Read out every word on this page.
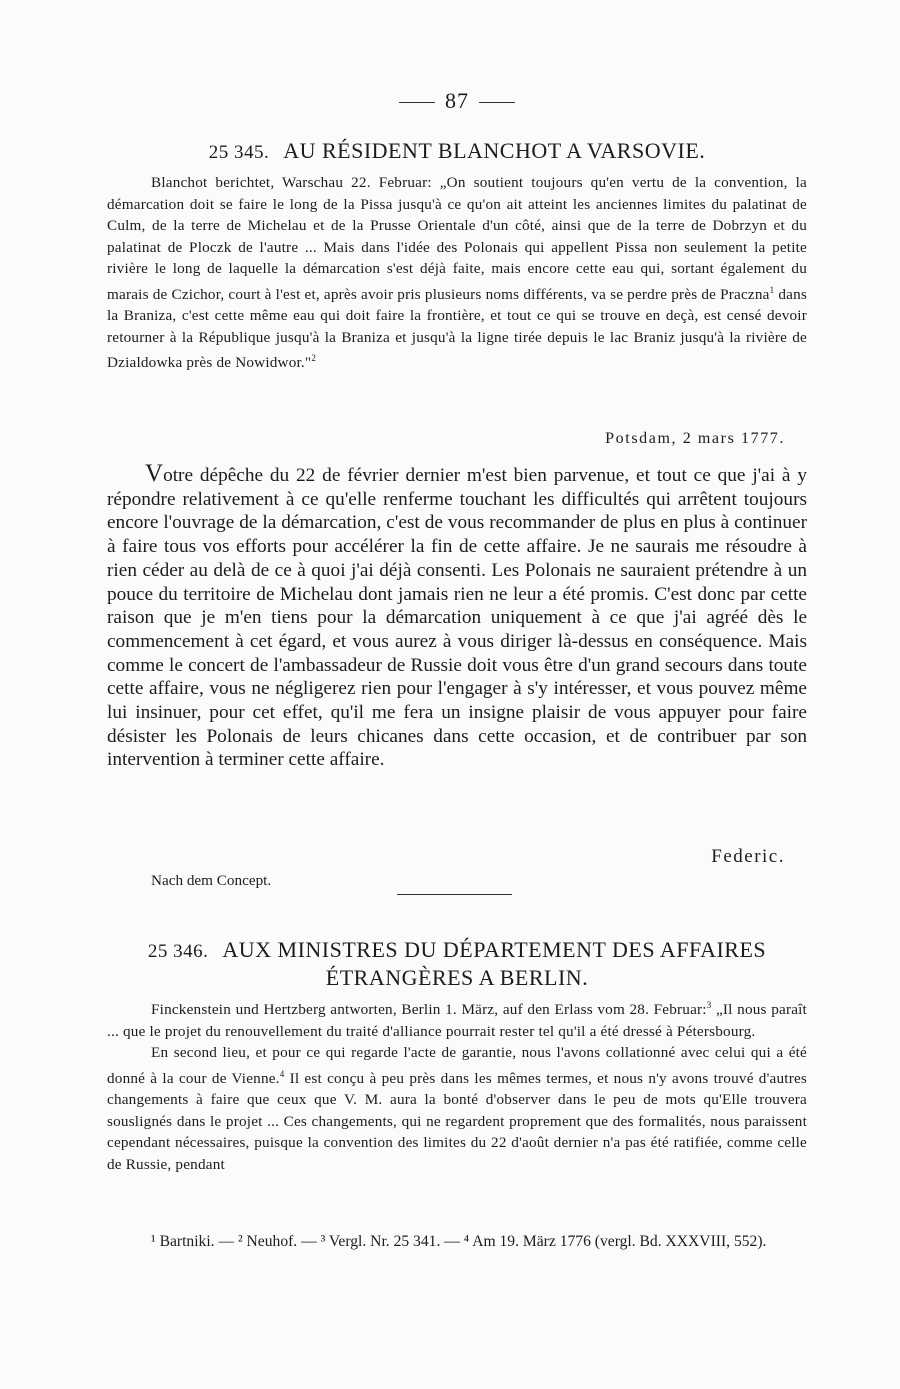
87
25 345. AU RÉSIDENT BLANCHOT A VARSOVIE.

Blanchot berichtet, Warschau 22. Februar: „On soutient toujours qu'en vertu de la convention, la démarcation doit se faire le long de la Pissa jusqu'à ce qu'on ait atteint les anciennes limites du palatinat de Culm, de la terre de Michelau et de la Prusse Orientale d'un côté, ainsi que de la terre de Dobrzyn et du palatinat de Ploczk de l'autre ... Mais dans l'idée des Polonais qui appellent Pissa non seulement la petite rivière le long de laquelle la démarcation s'est déjà faite, mais encore cette eau qui, sortant également du marais de Czichor, court à l'est et, après avoir pris plusieurs noms différents, va se perdre près de Praczna$^1$ dans la Braniza, c'est cette même eau qui doit faire la frontière, et tout ce qui se trouve en deçà, est censé devoir retourner à la République jusqu'à la Braniza et jusqu'à la ligne tirée depuis le lac Braniz jusqu'à la rivière de Dzialdowka près de Nowidwor."$^2$

Potsdam, 2 mars 1777.

Votre dépêche du 22 de février dernier m'est bien parvenue, et tout ce que j'ai à y répondre relativement à ce qu'elle renferme touchant les difficultés qui arrêtent toujours encore l'ouvrage de la démarcation, c'est de vous recommander de plus en plus à continuer à faire tous vos efforts pour accélérer la fin de cette affaire. Je ne saurais me résoudre à rien céder au delà de ce à quoi j'ai déjà consenti. Les Polonais ne sauraient prétendre à un pouce du territoire de Michelau dont jamais rien ne leur a été promis. C'est donc par cette raison que je m'en tiens pour la démarcation uniquement à ce que j'ai agréé dès le commencement à cet égard, et vous aurez à vous diriger là-dessus en conséquence. Mais comme le concert de l'ambassadeur de Russie doit vous être d'un grand secours dans toute cette affaire, vous ne négligerez rien pour l'engager à s'y intéresser, et vous pouvez même lui insinuer, pour cet effet, qu'il me fera un insigne plaisir de vous appuyer pour faire désister les Polonais de leurs chicanes dans cette occasion, et de contribuer par son intervention à terminer cette affaire.

Federic.
Nach dem Concept.
25 346. AUX MINISTRES DU DÉPARTEMENT DES AFFAIRES
ÉTRANGÈRES A BERLIN.

Finckenstein und Hertzberg antworten, Berlin 1. März, auf den Erlass vom 28. Februar:$^3$ „Il nous paraît ... que le projet du renouvellement du traité d'alliance pourrait rester tel qu'il a été dressé à Pétersbourg.

En second lieu, et pour ce qui regarde l'acte de garantie, nous l'avons collationné avec celui qui a été donné à la cour de Vienne.$^4$ Il est conçu à peu près dans les mêmes termes, et nous n'y avons trouvé d'autres changements à faire que ceux que V. M. aura la bonté d'observer dans le peu de mots qu'Elle trouvera souslignés dans le projet ... Ces changements, qui ne regardent proprement que des formalités, nous paraissent cependant nécessaires, puisque la convention des limites du 22 d'août dernier n'a pas été ratifiée, comme celle de Russie, pendant

¹ Bartniki. — ² Neuhof. — ³ Vergl. Nr. 25 341. — ⁴ Am 19. März 1776 (vergl. Bd. XXXVIII, 552).
